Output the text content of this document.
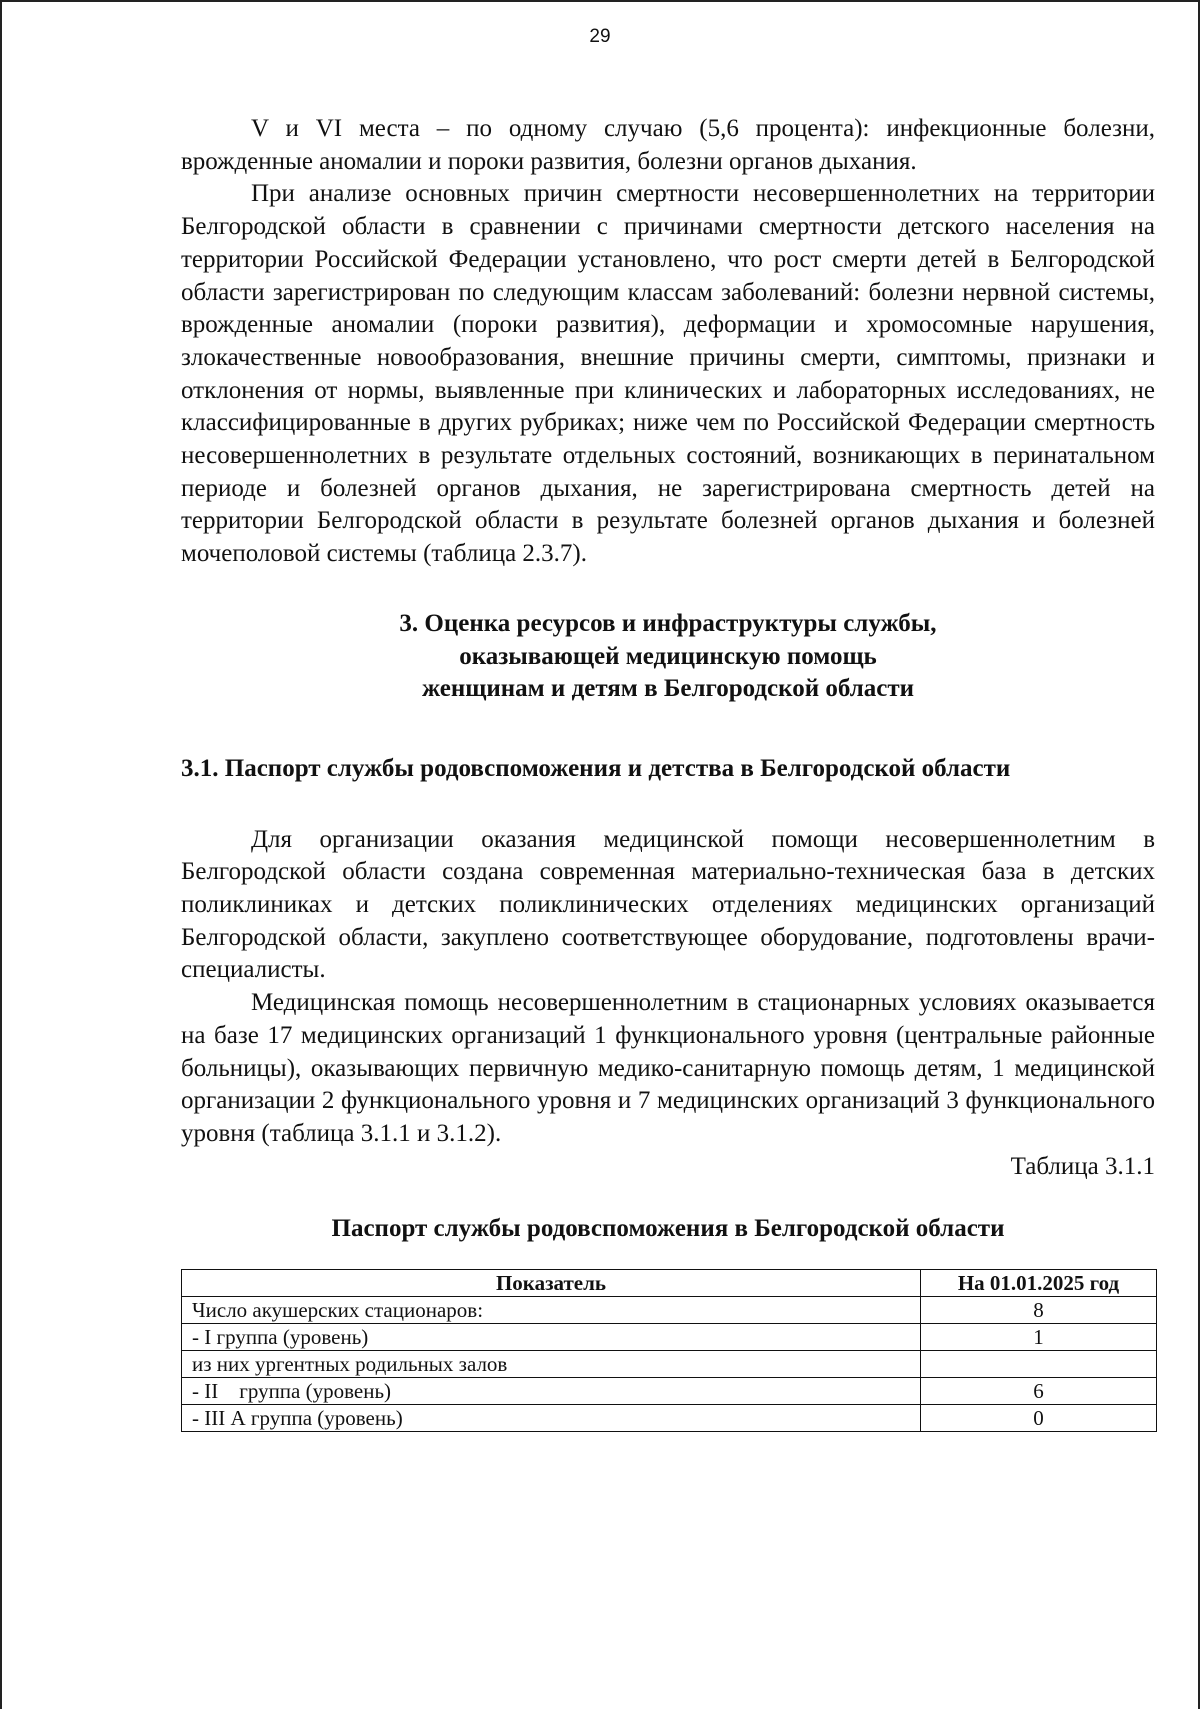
29

V и VI места – по одному случаю (5,6 процента): инфекционные болезни, врожденные аномалии и пороки развития, болезни органов дыхания.

При анализе основных причин смертности несовершеннолетних на территории Белгородской области в сравнении с причинами смертности детского населения на территории Российской Федерации установлено, что рост смерти детей в Белгородской области зарегистрирован по следующим классам заболеваний: болезни нервной системы, врожденные аномалии (пороки развития), деформации и хромосомные нарушения, злокачественные новообразования, внешние причины смерти, симптомы, признаки и отклонения от нормы, выявленные при клинических и лабораторных исследованиях, не классифицированные в других рубриках; ниже чем по Российской Федерации смертность несовершеннолетних в результате отдельных состояний, возникающих в перинатальном периоде и болезней органов дыхания, не зарегистрирована смертность детей на территории Белгородской области в результате болезней органов дыхания и болезней мочеполовой системы (таблица 2.3.7).

3. Оценка ресурсов и инфраструктуры службы,
оказывающей медицинскую помощь
женщинам и детям в Белгородской области

3.1. Паспорт службы родовспоможения и детства в Белгородской области

Для организации оказания медицинской помощи несовершеннолетним в Белгородской области создана современная материально-техническая база в детских поликлиниках и детских поликлинических отделениях медицинских организаций Белгородской области, закуплено соответствующее оборудование, подготовлены врачи-специалисты.

Медицинская помощь несовершеннолетним в стационарных условиях оказывается на базе 17 медицинских организаций 1 функционального уровня (центральные районные больницы), оказывающих первичную медико-санитарную помощь детям, 1 медицинской организации 2 функционального уровня и 7 медицинских организаций 3 функционального уровня (таблица 3.1.1 и 3.1.2).

Таблица 3.1.1

Паспорт службы родовспоможения в Белгородской области
Показатель	На 01.01.2025 год
Число акушерских стационаров:	8
- I группа (уровень)	1
из них ургентных родильных залов	
- II    группа (уровень)	6
- III А группа (уровень)	0
